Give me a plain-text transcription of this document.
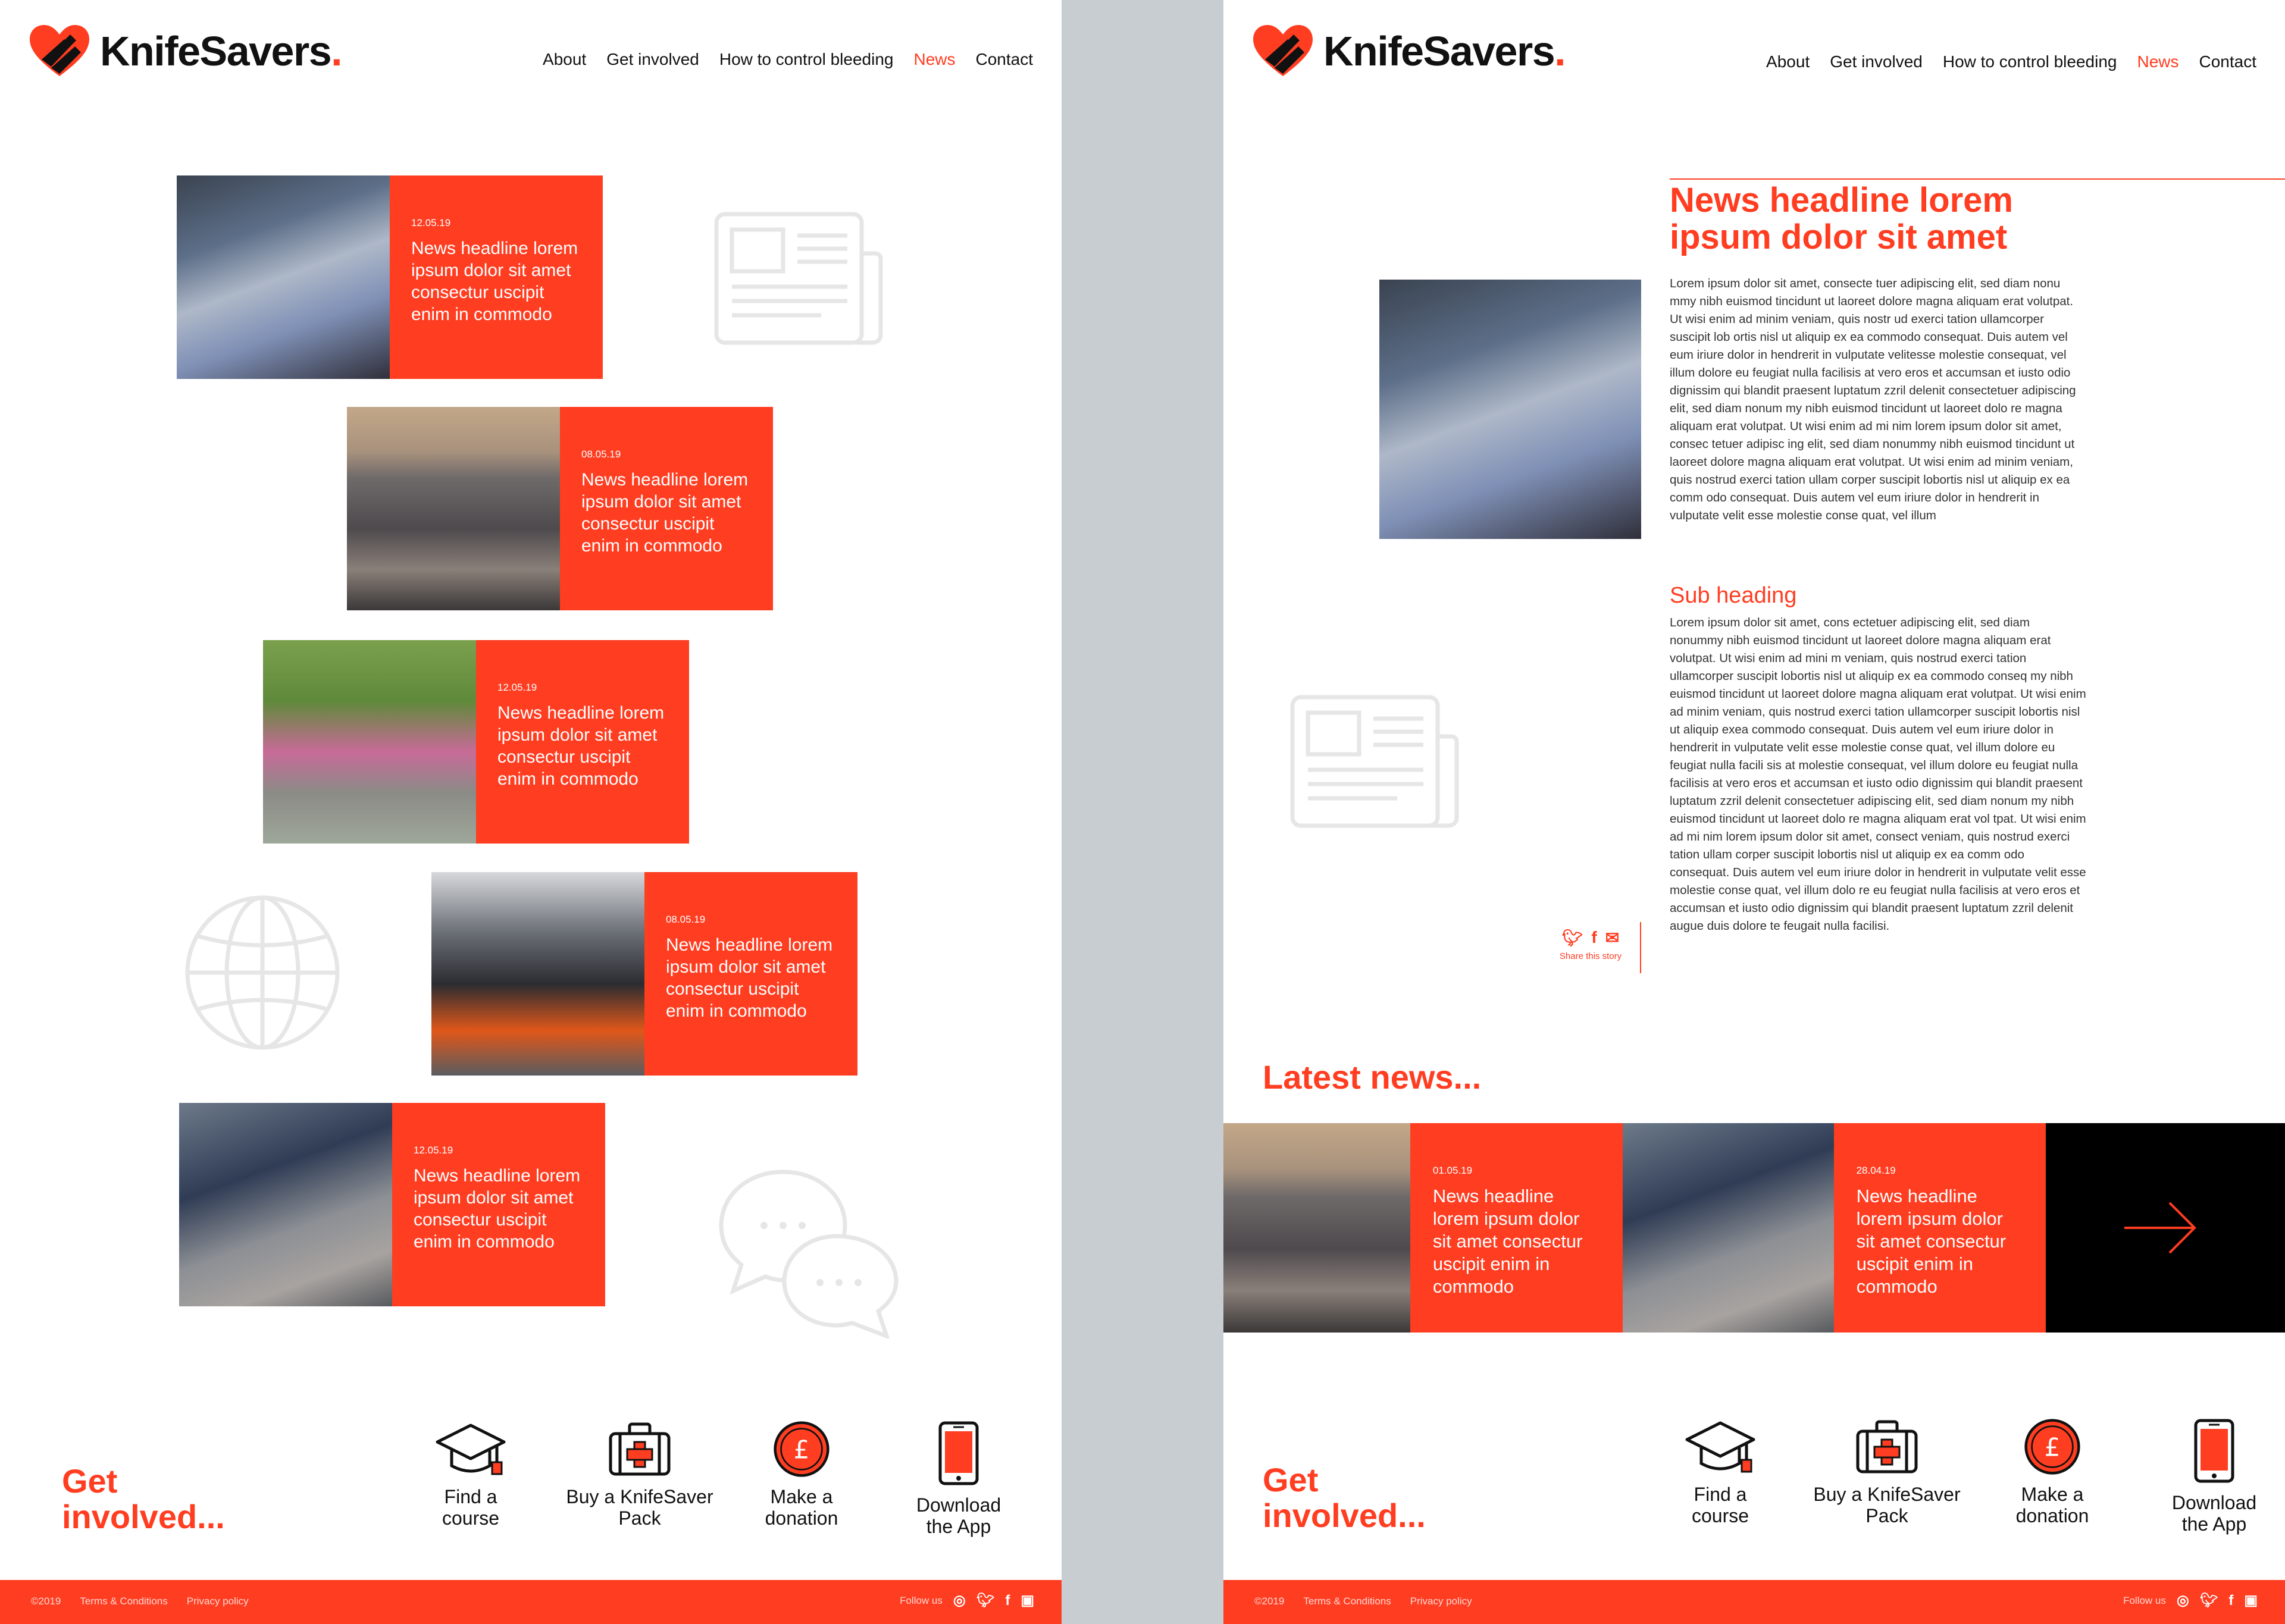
KnifeSavers.	About Get involved How to control bleeding News Contact
12.05.19
News headline lorem ipsum dolor sit amet consectur uscipit enim in commodo
08.05.19
News headline lorem ipsum dolor sit amet consectur uscipit enim in commodo
12.05.19
News headline lorem ipsum dolor sit amet consectur uscipit enim in commodo
08.05.19
News headline lorem ipsum dolor sit amet consectur uscipit enim in commodo
12.05.19
News headline lorem ipsum dolor sit amet consectur uscipit enim in commodo
Get
involved...
Find a
course
Buy a KnifeSaver
Pack
£
Make a
donation
Download
the App
©2019 Terms & Conditions Privacy policy	Follow us ◎ 🐦︎ f ▣
KnifeSavers.	About Get involved How to control bleeding News Contact
News headline lorem ipsum dolor sit amet
Lorem ipsum dolor sit amet, consecte tuer adipiscing elit, sed diam nonu mmy nibh euismod tincidunt ut laoreet dolore magna aliquam erat volutpat. Ut wisi enim ad minim veniam, quis nostr ud exerci tation ullamcorper suscipit lob ortis nisl ut aliquip ex ea commodo consequat. Duis autem vel eum iriure dolor in hendrerit in vulputate velitesse molestie consequat, vel illum dolore eu feugiat nulla facilisis at vero eros et accumsan et iusto odio dignissim qui blandit praesent luptatum zzril delenit consectetuer adipiscing elit, sed diam nonum my nibh euismod tincidunt ut laoreet dolo re magna aliquam erat volutpat. Ut wisi enim ad mi nim lorem ipsum dolor sit amet, consec tetuer adipisc ing elit, sed diam nonummy nibh euismod tincidunt ut laoreet dolore magna aliquam erat volutpat. Ut wisi enim ad minim veniam, quis nostrud exerci tation ullam corper suscipit lobortis nisl ut aliquip ex ea comm odo consequat. Duis autem vel eum iriure dolor in hendrerit in vulputate velit esse molestie conse quat, vel illum
Sub heading
Lorem ipsum dolor sit amet, cons ectetuer adipiscing elit, sed diam nonummy nibh euismod tincidunt ut laoreet dolore magna aliquam erat volutpat. Ut wisi enim ad mini m veniam, quis nostrud exerci tation ullamcorper suscipit lobortis nisl ut aliquip ex ea commodo conseq my nibh euismod tincidunt ut laoreet dolore magna aliquam erat volutpat. Ut wisi enim ad minim veniam, quis nostrud exerci tation ullamcorper suscipit lobortis nisl ut aliquip exea commodo consequat. Duis autem vel eum iriure dolor in hendrerit in vulputate velit esse molestie conse quat, vel illum dolore eu feugiat nulla facili sis at molestie consequat, vel illum dolore eu feugiat nulla facilisis at vero eros et accumsan et iusto odio dignissim qui blandit praesent luptatum zzril delenit consectetuer adipiscing elit, sed diam nonum my nibh euismod tincidunt ut laoreet dolo re magna aliquam erat vol tpat. Ut wisi enim ad mi nim lorem ipsum dolor sit amet, consect veniam, quis nostrud exerci tation ullam corper suscipit lobortis nisl ut aliquip ex ea comm odo consequat. Duis autem vel eum iriure dolor in hendrerit in vulputate velit esse molestie conse quat, vel illum dolo re eu feugiat nulla facilisis at vero eros et accumsan et iusto odio dignissim qui blandit praesent luptatum zzril delenit augue duis dolore te feugait nulla facilisi.
🐦︎ f ✉
Share this story
Latest news...
01.05.19
News headline lorem ipsum dolor sit amet consectur uscipit enim in commodo
28.04.19
News headline lorem ipsum dolor sit amet consectur uscipit enim in commodo
Get
involved...
Find a
course
Buy a KnifeSaver
Pack
£
Make a
donation
Download
the App
©2019 Terms & Conditions Privacy policy	Follow us ◎ 🐦︎ f ▣
